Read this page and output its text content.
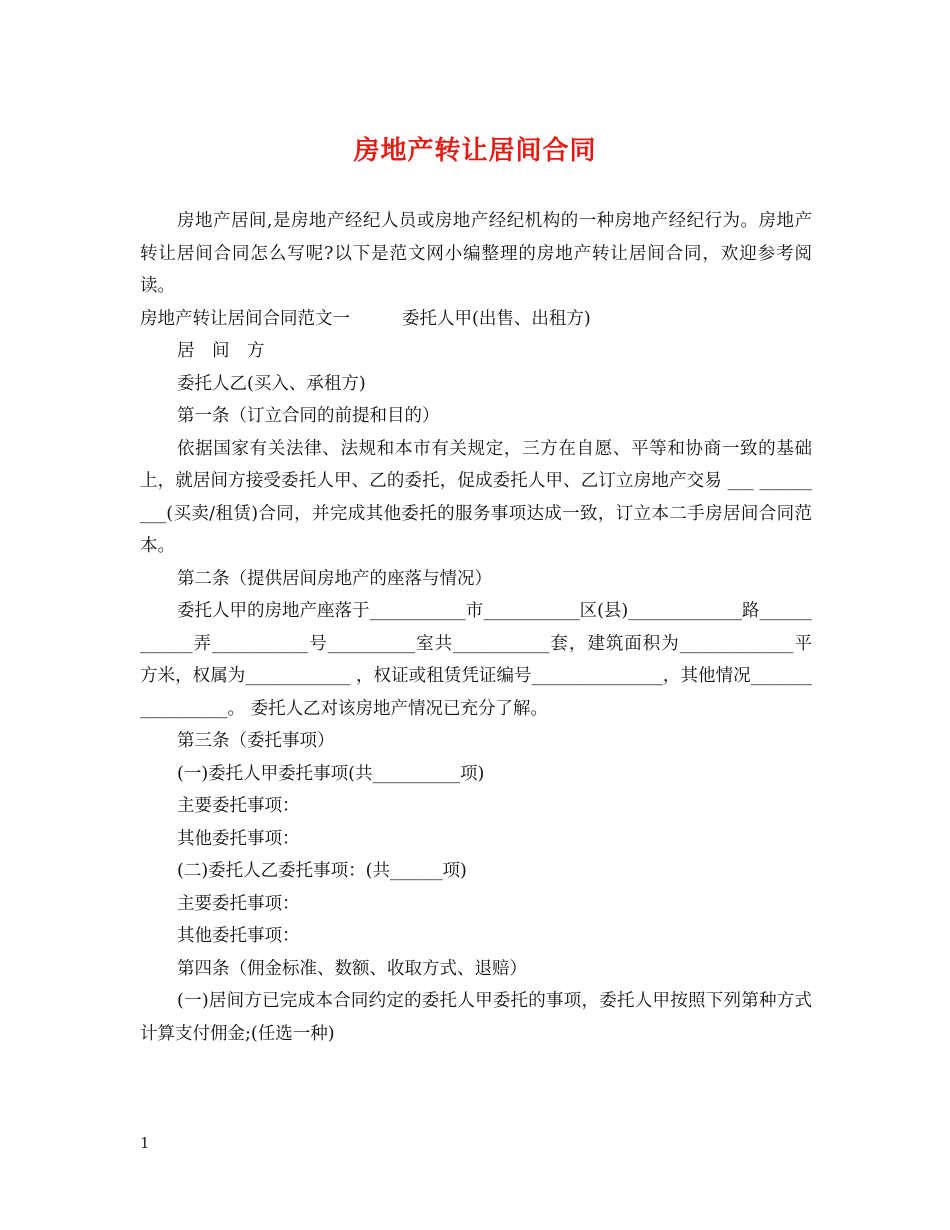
房地产转让居间合同

房地产居间,是房地产经纪人员或房地产经纪机构的一种房地产经纪行为。房地产转让居间合同怎么写呢?以下是范文网小编整理的房地产转让居间合同，欢迎参考阅读。

房地产转让居间合同范文一	委托人甲(出售、出租方)

居　间　方

委托人乙(买入、承租方)

第一条（订立合同的前提和目的）

依据国家有关法律、法规和本市有关规定，三方在自愿、平等和协商一致的基础上，就居间方接受委托人甲、乙的委托，促成委托人甲、乙订立房地产交易 ___ _________(买卖/租赁)合同，并完成其他委托的服务事项达成一致，订立本二手房居间合同范本。

第二条（提供居间房地产的座落与情况）

委托人甲的房地产座落于___________市___________区(县)_____________路____________弄___________号__________室共___________套，建筑面积为_____________平方米，权属为____________ ，权证或租赁凭证编号_______________，其他情况_________________。 委托人乙对该房地产情况已充分了解。

第三条（委托事项）

(一)委托人甲委托事项(共__________项)

主要委托事项：

其他委托事项：

(二)委托人乙委托事项：(共______项)

主要委托事项：

其他委托事项：

第四条（佣金标准、数额、收取方式、退赔）

(一)居间方已完成本合同约定的委托人甲委托的事项，委托人甲按照下列第种方式计算支付佣金;(任选一种)

1
